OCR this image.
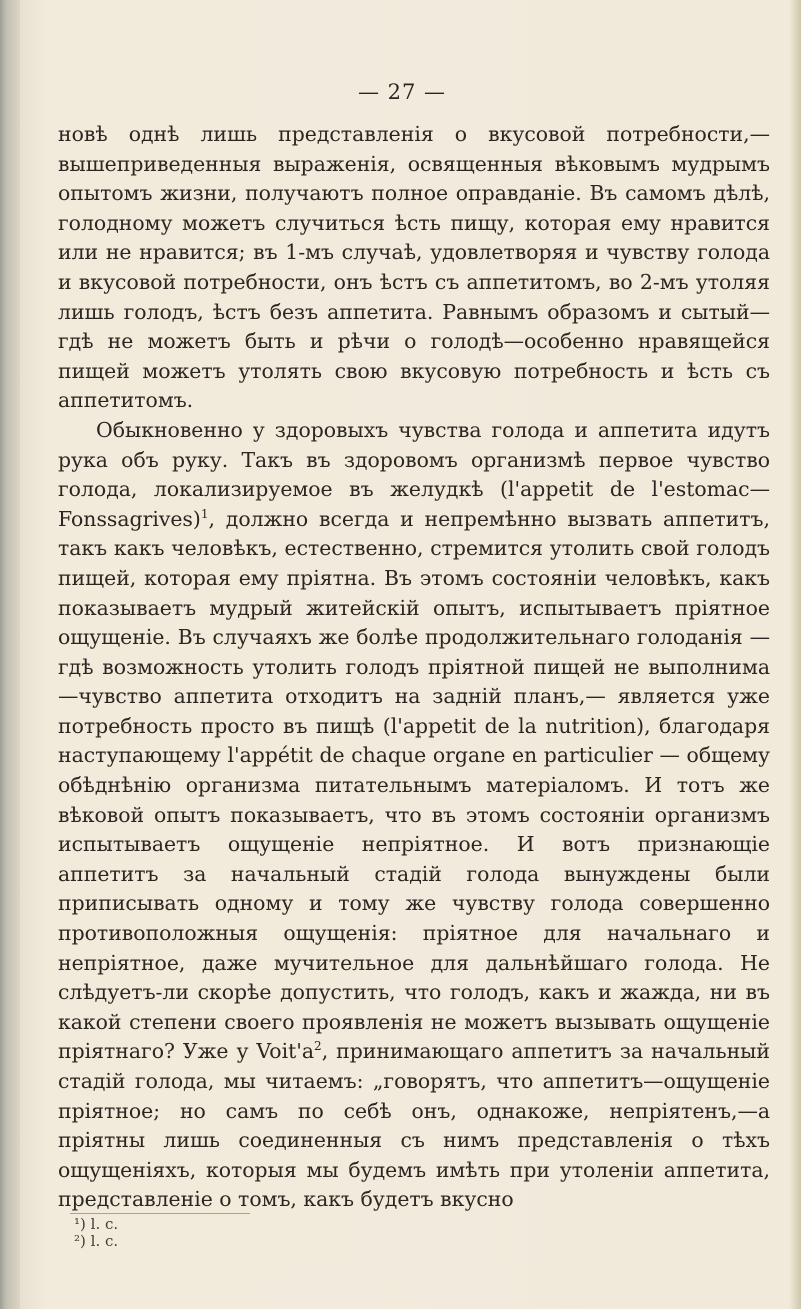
— 27 —

новѣ однѣ лишь представленія о вкусовой потребности,— вышеприведенныя выраженія, освященныя вѣковымъ мудрымъ опытомъ жизни, получаютъ полное оправданіе. Въ самомъ дѣлѣ, голодному можетъ случиться ѣсть пищу, которая ему нравится или не нравится; въ 1-мъ случаѣ, удовлетворяя и чувству голода и вкусовой потребности, онъ ѣстъ съ аппетитомъ, во 2-мъ утоляя лишь голодъ, ѣстъ безъ аппетита. Равнымъ образомъ и сытый—гдѣ не можетъ быть и рѣчи о голодѣ—особенно нравящейся пищей можетъ утолять свою вкусовую потребность и ѣсть съ аппетитомъ.

Обыкновенно у здоровыхъ чувства голода и аппетита идутъ рука объ руку. Такъ въ здоровомъ организмѣ первое чувство голода, локализируемое въ желудкѣ (l'appetit de l'estomac— Fonssagrives)$^1$, должно всегда и непремѣнно вызвать аппетитъ, такъ какъ человѣкъ, естественно, стремится утолить свой голодъ пищей, которая ему пріятна. Въ этомъ состояніи человѣкъ, какъ показываетъ мудрый житейскій опытъ, испытываетъ пріятное ощущеніе. Въ случаяхъ же болѣе продолжительнаго голоданія — гдѣ возможность утолить голодъ пріятной пищей не выполнима—чувство аппетита отходитъ на задній планъ,— является уже потребность просто въ пищѣ (l'appetit de la nutrition), благодаря наступающему l'appétit de chaque organe en particulier — общему обѣднѣнію организма питательнымъ матеріаломъ. И тотъ же вѣковой опытъ показываетъ, что въ этомъ состояніи организмъ испытываетъ ощущеніе непріятное. И вотъ признающіе аппетитъ за начальный стадій голода вынуждены были приписывать одному и тому же чувству голода совершенно противоположныя ощущенія: пріятное для начальнаго и непріятное, даже мучительное для дальнѣйшаго голода. Не слѣдуетъ-ли скорѣе допустить, что голодъ, какъ и жажда, ни въ какой степени своего проявленія не можетъ вызывать ощущеніе пріятнаго? Уже у $Voit'a^2$, принимающаго аппетитъ за начальный стадій голода, мы читаемъ: „говорятъ, что аппетитъ—ощущеніе пріятное; но самъ по себѣ онъ, однакоже, непріятенъ,—а пріятны лишь соединенныя съ нимъ представленія о тѣхъ ощущеніяхъ, которыя мы будемъ имѣть при утоленіи аппетита, представленіе о томъ, какъ будетъ вкусно

¹) l. c.
²) l. c.
